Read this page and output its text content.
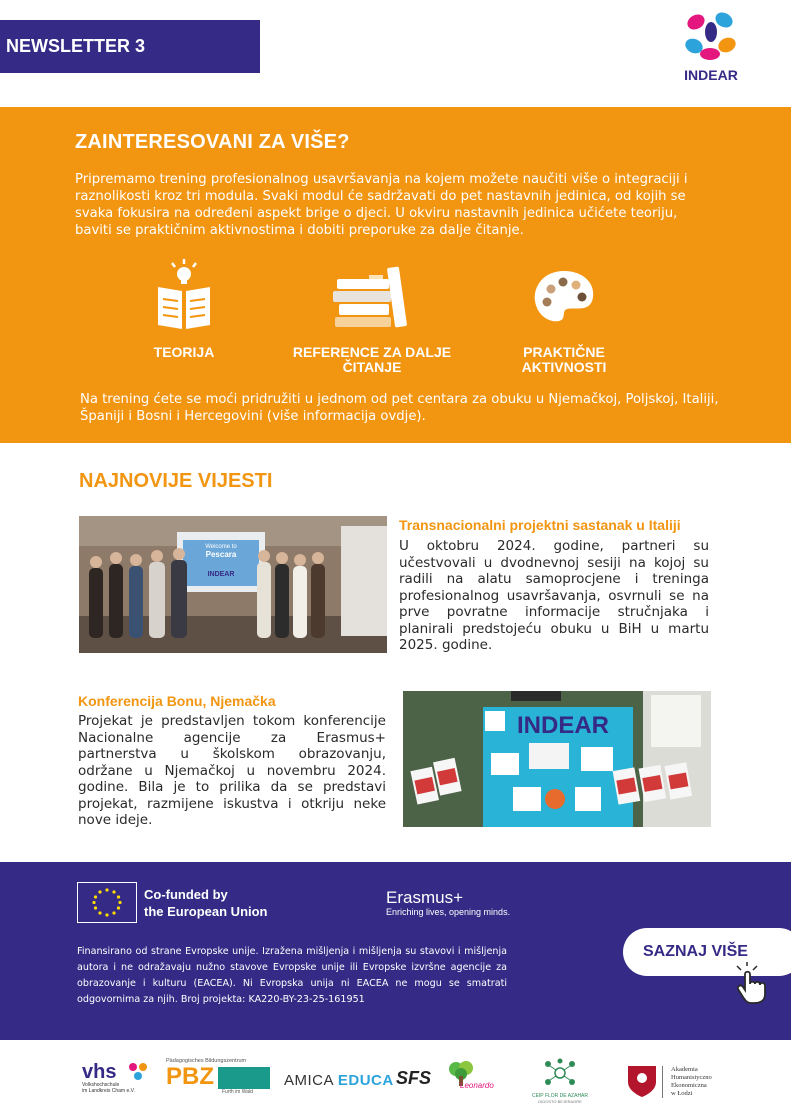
NEWSLETTER 3
INDEAR
ZAINTERESOVANI ZA VIŠE?

Pripremamo trening profesionalnog usavršavanja na kojem možete naučiti više o integraciji i raznolikosti kroz tri modula. Svaki modul će sadržavati do pet nastavnih jedinica, od kojih se svaka fokusira na određeni aspekt brige o djeci. U okviru nastavnih jedinica učićete teoriju, baviti se praktičnim aktivnostima i dobiti preporuke za dalje čitanje.

TEORIJA	REFERENCE ZA DALJE
ČITANJE
PRAKTIČNE
AKTIVNOSTI

Na trening ćete se moći pridružiti u jednom od pet centara za obuku u Njemačkoj, Poljskoj, Italiji, Španiji i Bosni i Hercegovini (više informacija ovdje).

NAJNOVIJE VIJESTI
Welcome to
Pescara
INDEAR
Transnacionalni projektni sastanak u Italiji

U oktobru 2024. godine, partneri su učestvovali u dvodnevnoj sesiji na kojoj su radili na alatu samoprocjene i treninga profesionalnog usavršavanja, osvrnuli se na prve povratne informacije stručnjaka i planirali predstojeću obuku u BiH u martu 2025. godine.

Konferencija Bonu, Njemačka

Projekat je predstavljen tokom konferencije Nacionalne agencije za Erasmus+ partnerstva u školskom obrazovanju, održane u Njemačkoj u novembru 2024. godine. Bila je to prilika da se predstavi projekat, razmijene iskustva i otkriju neke nove ideje.

INDEAR
Co-funded by
the European Union
Erasmus+
Enriching lives, opening minds.

Finansirano od strane Evropske unije. Izražena mišljenja i mišljenja su stavovi i mišljenja autora i ne odražavaju nužno stavove Evropske unije ili Evropske izvršne agencije za obrazovanje i kulturu (EACEA). Ni Evropska unija ni EACEA ne mogu se smatrati odgovornima za njih. Broj projekta: KA220-BY-23-25-161951

SAZNAJ VIŠE
vhs
Volkshochschule
im Landkreis Cham e.V.
Pädagogisches Bildungszentrum
PBZ
Furth im Wald
AMICA EDUCA SFS	Leonardo
CEIP FLOR DE AZAHAR
DIGOSTO BEJERAGRE
Akademia
Humanistyczno
Ekonomiczna
w Łodzi
